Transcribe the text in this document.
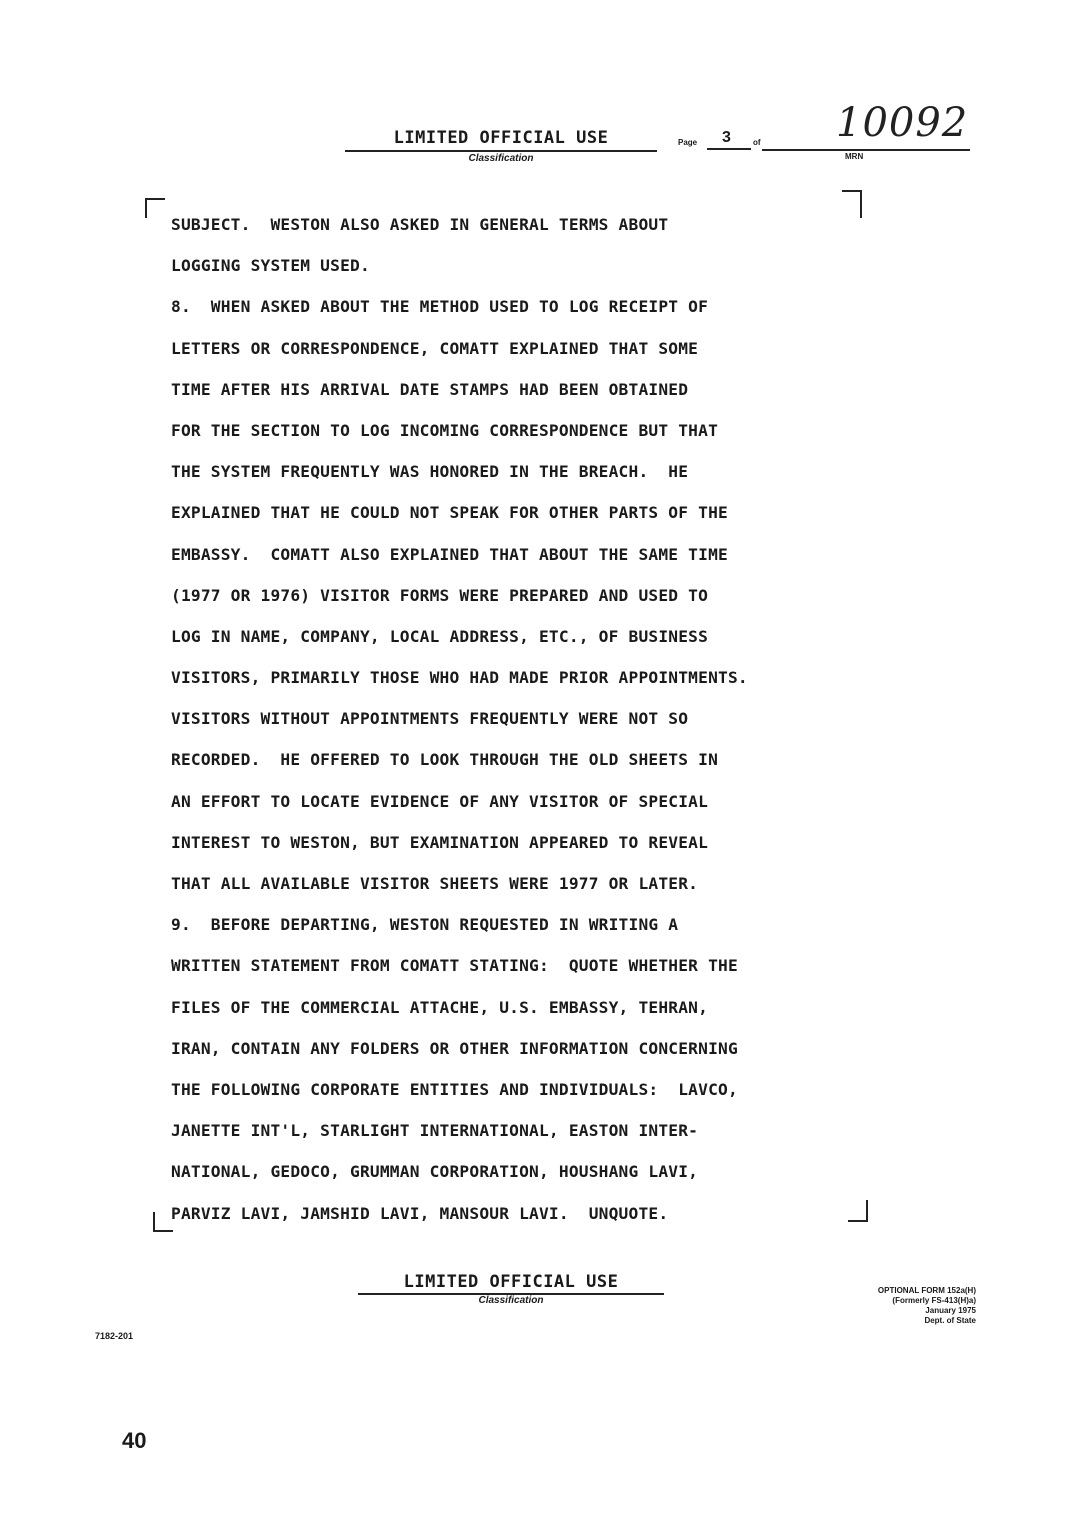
LIMITED OFFICIAL USE
Classification
Page 3	of 10092
MRN
SUBJECT.  WESTON ALSO ASKED IN GENERAL TERMS ABOUT
LOGGING SYSTEM USED.
8.  WHEN ASKED ABOUT THE METHOD USED TO LOG RECEIPT OF
LETTERS OR CORRESPONDENCE, COMATT EXPLAINED THAT SOME
TIME AFTER HIS ARRIVAL DATE STAMPS HAD BEEN OBTAINED
FOR THE SECTION TO LOG INCOMING CORRESPONDENCE BUT THAT
THE SYSTEM FREQUENTLY WAS HONORED IN THE BREACH.  HE
EXPLAINED THAT HE COULD NOT SPEAK FOR OTHER PARTS OF THE
EMBASSY.  COMATT ALSO EXPLAINED THAT ABOUT THE SAME TIME
(1977 OR 1976) VISITOR FORMS WERE PREPARED AND USED TO
LOG IN NAME, COMPANY, LOCAL ADDRESS, ETC., OF BUSINESS
VISITORS, PRIMARILY THOSE WHO HAD MADE PRIOR APPOINTMENTS.
VISITORS WITHOUT APPOINTMENTS FREQUENTLY WERE NOT SO
RECORDED.  HE OFFERED TO LOOK THROUGH THE OLD SHEETS IN
AN EFFORT TO LOCATE EVIDENCE OF ANY VISITOR OF SPECIAL
INTEREST TO WESTON, BUT EXAMINATION APPEARED TO REVEAL
THAT ALL AVAILABLE VISITOR SHEETS WERE 1977 OR LATER.
9.  BEFORE DEPARTING, WESTON REQUESTED IN WRITING A
WRITTEN STATEMENT FROM COMATT STATING:  QUOTE WHETHER THE
FILES OF THE COMMERCIAL ATTACHE, U.S. EMBASSY, TEHRAN,
IRAN, CONTAIN ANY FOLDERS OR OTHER INFORMATION CONCERNING
THE FOLLOWING CORPORATE ENTITIES AND INDIVIDUALS:  LAVCO,
JANETTE INT'L, STARLIGHT INTERNATIONAL, EASTON INTER-
NATIONAL, GEDOCO, GRUMMAN CORPORATION, HOUSHANG LAVI,
PARVIZ LAVI, JAMSHID LAVI, MANSOUR LAVI.  UNQUOTE.
LIMITED OFFICIAL USE
Classification
OPTIONAL FORM 152a(H)
(Formerly FS-413(H)a)
January 1975
Dept. of State
7182-201
40
